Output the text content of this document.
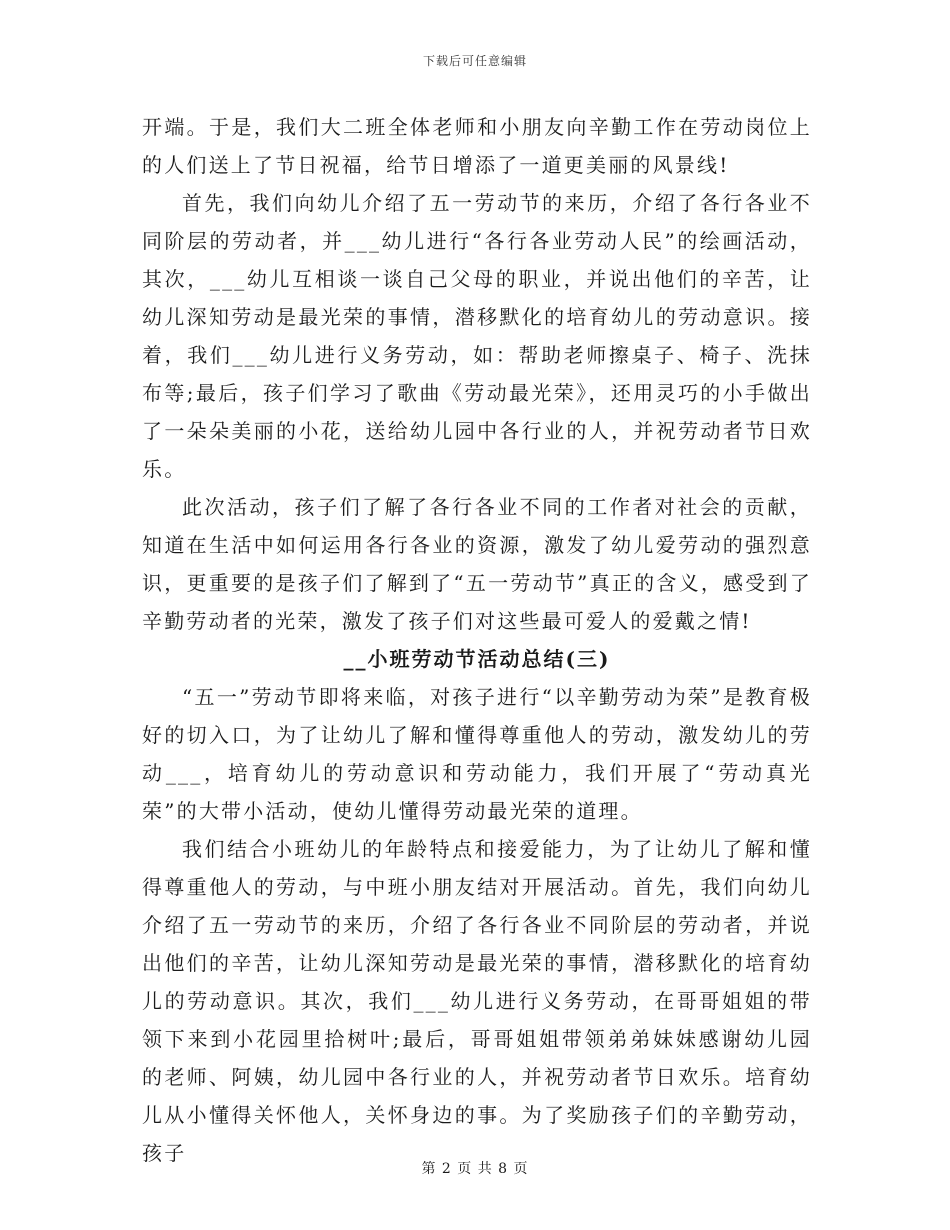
下载后可任意编辑

开端。于是，我们大二班全体老师和小朋友向辛勤工作在劳动岗位上的人们送上了节日祝福，给节日增添了一道更美丽的风景线!

首先，我们向幼儿介绍了五一劳动节的来历，介绍了各行各业不同阶层的劳动者，并___幼儿进行“各行各业劳动人民”的绘画活动，其次，___幼儿互相谈一谈自己父母的职业，并说出他们的辛苦，让幼儿深知劳动是最光荣的事情，潜移默化的培育幼儿的劳动意识。接着，我们___幼儿进行义务劳动，如：帮助老师擦桌子、椅子、洗抹布等;最后，孩子们学习了歌曲《劳动最光荣》，还用灵巧的小手做出了一朵朵美丽的小花，送给幼儿园中各行业的人，并祝劳动者节日欢乐。

此次活动，孩子们了解了各行各业不同的工作者对社会的贡献，知道在生活中如何运用各行各业的资源，激发了幼儿爱劳动的强烈意识，更重要的是孩子们了解到了“五一劳动节”真正的含义，感受到了辛勤劳动者的光荣，激发了孩子们对这些最可爱人的爱戴之情!

__小班劳动节活动总结(三)

“五一”劳动节即将来临，对孩子进行“以辛勤劳动为荣”是教育极好的切入口，为了让幼儿了解和懂得尊重他人的劳动，激发幼儿的劳动___，培育幼儿的劳动意识和劳动能力，我们开展了“劳动真光荣”的大带小活动，使幼儿懂得劳动最光荣的道理。

我们结合小班幼儿的年龄特点和接爱能力，为了让幼儿了解和懂得尊重他人的劳动，与中班小朋友结对开展活动。首先，我们向幼儿介绍了五一劳动节的来历，介绍了各行各业不同阶层的劳动者，并说出他们的辛苦，让幼儿深知劳动是最光荣的事情，潜移默化的培育幼儿的劳动意识。其次，我们___幼儿进行义务劳动，在哥哥姐姐的带领下来到小花园里拾树叶;最后，哥哥姐姐带领弟弟妹妹感谢幼儿园的老师、阿姨，幼儿园中各行业的人，并祝劳动者节日欢乐。培育幼儿从小懂得关怀他人，关怀身边的事。为了奖励孩子们的辛勤劳动，孩子

第 2 页 共 8 页
